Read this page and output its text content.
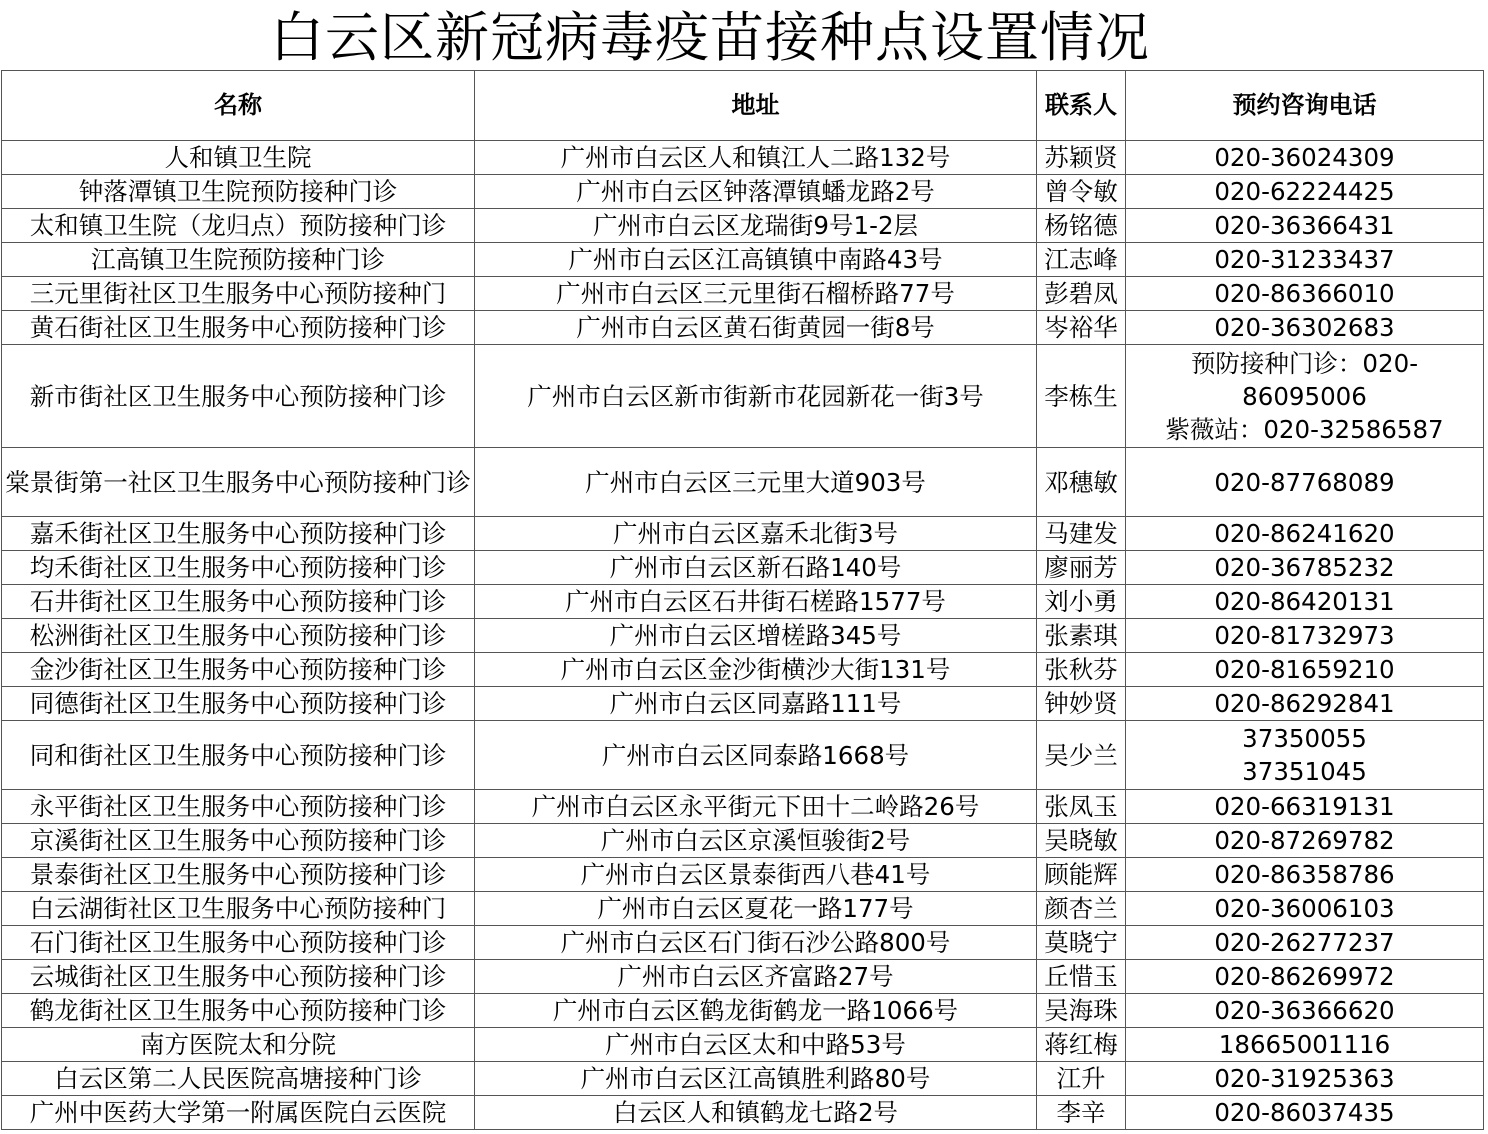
白云区新冠病毒疫苗接种点设置情况
名称	地址	联系人	预约咨询电话
人和镇卫生院	广州市白云区人和镇江人二路132号	苏颖贤	020-36024309
钟落潭镇卫生院预防接种门诊	广州市白云区钟落潭镇蟠龙路2号	曾令敏	020-62224425
太和镇卫生院（龙归点）预防接种门诊	广州市白云区龙瑞街9号1-2层	杨铭德	020-36366431
江高镇卫生院预防接种门诊	广州市白云区江高镇镇中南路43号	江志峰	020-31233437
三元里街社区卫生服务中心预防接种门	广州市白云区三元里街石榴桥路77号	彭碧凤	020-86366010
黄石街社区卫生服务中心预防接种门诊	广州市白云区黄石街黄园一街8号	岑裕华	020-36302683
新市街社区卫生服务中心预防接种门诊	广州市白云区新市街新市花园新花一街3号	李栋生	预防接种门诊：020-
86095006
紫薇站：020-32586587
棠景街第一社区卫生服务中心预防接种门诊	广州市白云区三元里大道903号	邓穗敏	020-87768089
嘉禾街社区卫生服务中心预防接种门诊	广州市白云区嘉禾北街3号	马建发	020-86241620
均禾街社区卫生服务中心预防接种门诊	广州市白云区新石路140号	廖丽芳	020-36785232
石井街社区卫生服务中心预防接种门诊	广州市白云区石井街石槎路1577号	刘小勇	020-86420131
松洲街社区卫生服务中心预防接种门诊	广州市白云区增槎路345号	张素琪	020-81732973
金沙街社区卫生服务中心预防接种门诊	广州市白云区金沙街横沙大街131号	张秋芬	020-81659210
同德街社区卫生服务中心预防接种门诊	广州市白云区同嘉路111号	钟妙贤	020-86292841
同和街社区卫生服务中心预防接种门诊	广州市白云区同泰路1668号	吴少兰	37350055
37351045
永平街社区卫生服务中心预防接种门诊	广州市白云区永平街元下田十二岭路26号	张凤玉	020-66319131
京溪街社区卫生服务中心预防接种门诊	广州市白云区京溪恒骏街2号	吴晓敏	020-87269782
景泰街社区卫生服务中心预防接种门诊	广州市白云区景泰街西八巷41号	顾能辉	020-86358786
白云湖街社区卫生服务中心预防接种门	广州市白云区夏花一路177号	颜杏兰	020-36006103
石门街社区卫生服务中心预防接种门诊	广州市白云区石门街石沙公路800号	莫晓宁	020-26277237
云城街社区卫生服务中心预防接种门诊	广州市白云区齐富路27号	丘惜玉	020-86269972
鹤龙街社区卫生服务中心预防接种门诊	广州市白云区鹤龙街鹤龙一路1066号	吴海珠	020-36366620
南方医院太和分院	广州市白云区太和中路53号	蒋红梅	18665001116
白云区第二人民医院高塘接种门诊	广州市白云区江高镇胜利路80号	江升	020-31925363
广州中医药大学第一附属医院白云医院	白云区人和镇鹤龙七路2号	李辛	020-86037435
